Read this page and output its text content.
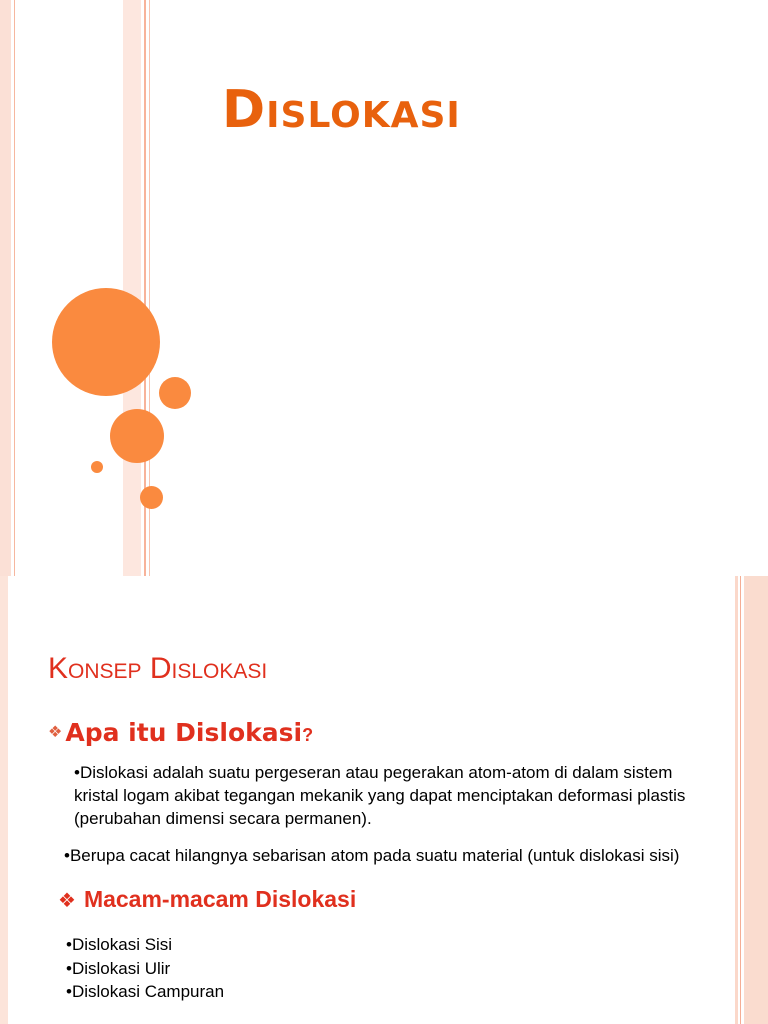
Dislokasi
Konsep Dislokasi
❖ Apa itu Dislokasi?

•Dislokasi adalah suatu pergeseran atau pegerakan atom-atom di dalam sistem kristal logam akibat tegangan mekanik yang dapat menciptakan deformasi plastis (perubahan dimensi secara permanen).

•Berupa cacat hilangnya sebarisan atom pada suatu material (untuk dislokasi sisi)

❖ Macam-macam Dislokasi
•Dislokasi Sisi
•Dislokasi Ulir
•Dislokasi Campuran
